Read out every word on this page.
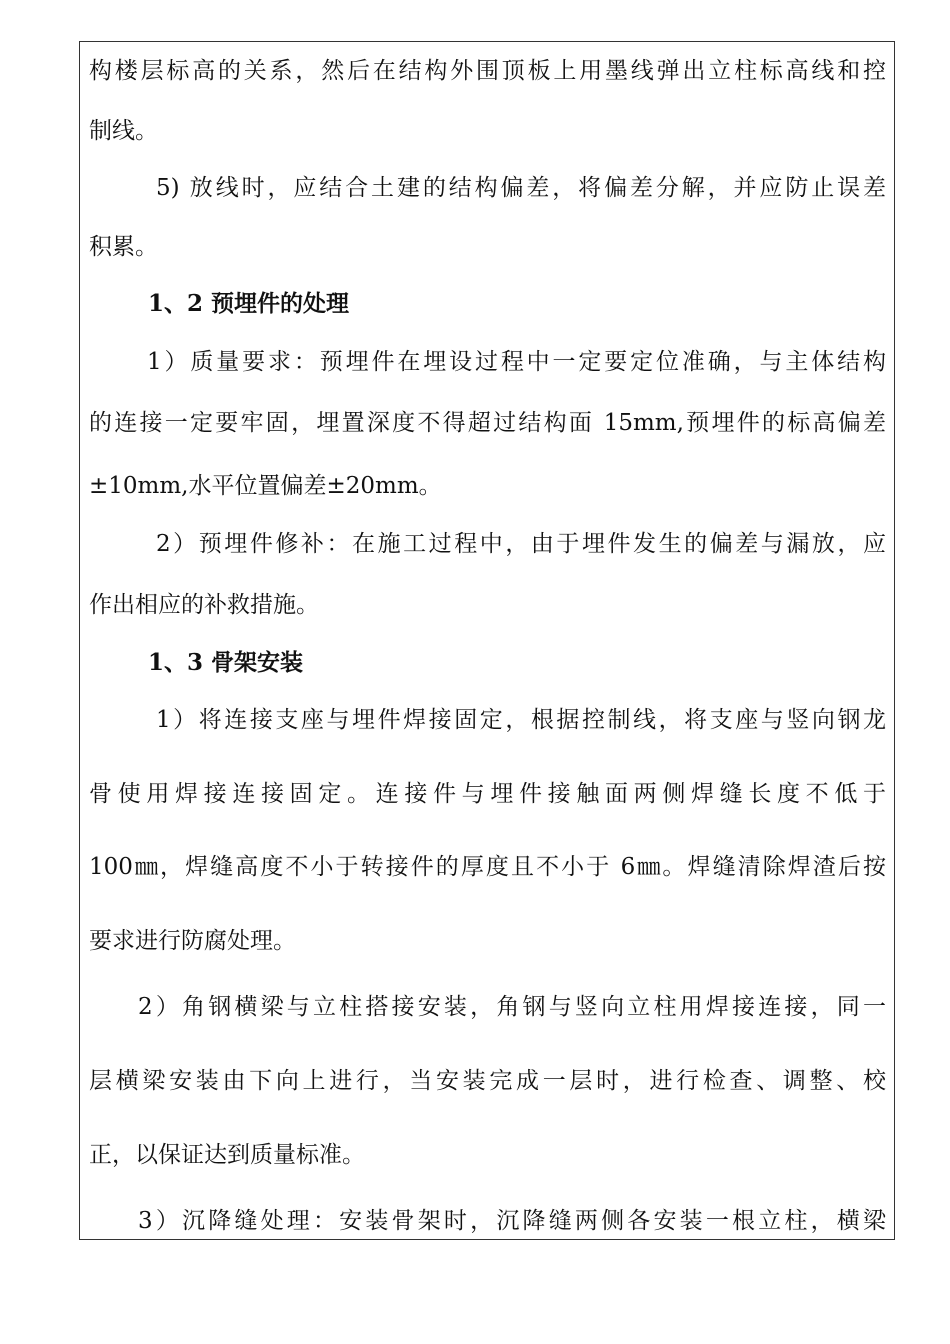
构楼层标高的关系，然后在结构外围顶板上用墨线弹出立柱标高线和控
制线。
5) 放线时，应结合土建的结构偏差，将偏差分解，并应防止误差
积累。
1、2 预埋件的处理
1）质量要求：预埋件在埋设过程中一定要定位准确，与主体结构
的连接一定要牢固，埋置深度不得超过结构面 15mm,预埋件的标高偏差
±10mm,水平位置偏差±20mm。
2）预埋件修补：在施工过程中，由于埋件发生的偏差与漏放，应
作出相应的补救措施。
1、3 骨架安装
1）将连接支座与埋件焊接固定，根据控制线，将支座与竖向钢龙
骨使用焊接连接固定。连接件与埋件接触面两侧焊缝长度不低于
100㎜，焊缝高度不小于转接件的厚度且不小于 6㎜。焊缝清除焊渣后按
要求进行防腐处理。
2）角钢横梁与立柱搭接安装，角钢与竖向立柱用焊接连接，同一
层横梁安装由下向上进行，当安装完成一层时，进行检查、调整、校
正，以保证达到质量标准。
3）沉降缝处理：安装骨架时，沉降缝两侧各安装一根立柱，横梁
